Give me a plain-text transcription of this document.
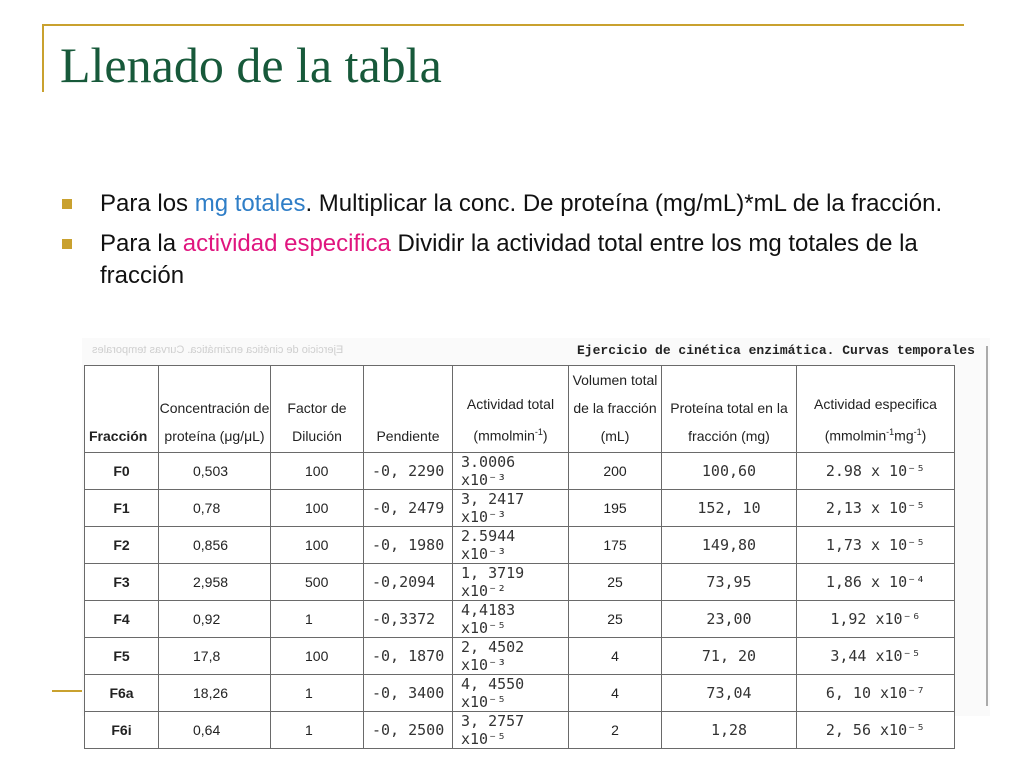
Llenado de la tabla
Para los mg totales. Multiplicar la conc. De proteína (mg/mL)*mL de la fracción.
Para la actividad especifica Dividir la actividad total entre los mg totales de la fracción
Ejercicio de cinética enzimática. Curvas temporales	Ejercicio de cinética enzimática. Curvas temporales
Fracción	Concentración de proteína (μg/μL)	Factor de Dilución	Pendiente	Actividad total (mmolmin$^{-1}$)	Volumen total de la fracción (mL)	Proteína total en la fracción (mg)	Actividad especifica $(mmolmin^{-1}mg^{-1})$
F0	0,503	100	-0, 2290	3.0006 x10⁻³	200	100,60	2.98 x 10⁻⁵
F1	0,78	100	-0, 2479	3, 2417 x10⁻³	195	152, 10	2,13 x 10⁻⁵
F2	0,856	100	-0, 1980	2.5944 x10⁻³	175	149,80	1,73 x 10⁻⁵
F3	2,958	500	-0,2094	1, 3719 x10⁻²	25	73,95	1,86 x 10⁻⁴
F4	0,92	1	-0,3372	4,4183 x10⁻⁵	25	23,00	1,92 x10⁻⁶
F5	17,8	100	-0, 1870	2, 4502 x10⁻³	4	71, 20	3,44 x10⁻⁵
F6a	18,26	1	-0, 3400	4, 4550 x10⁻⁵	4	73,04	6, 10 x10⁻⁷
F6i	0,64	1	-0, 2500	3, 2757 x10⁻⁵	2	1,28	2, 56 x10⁻⁵
